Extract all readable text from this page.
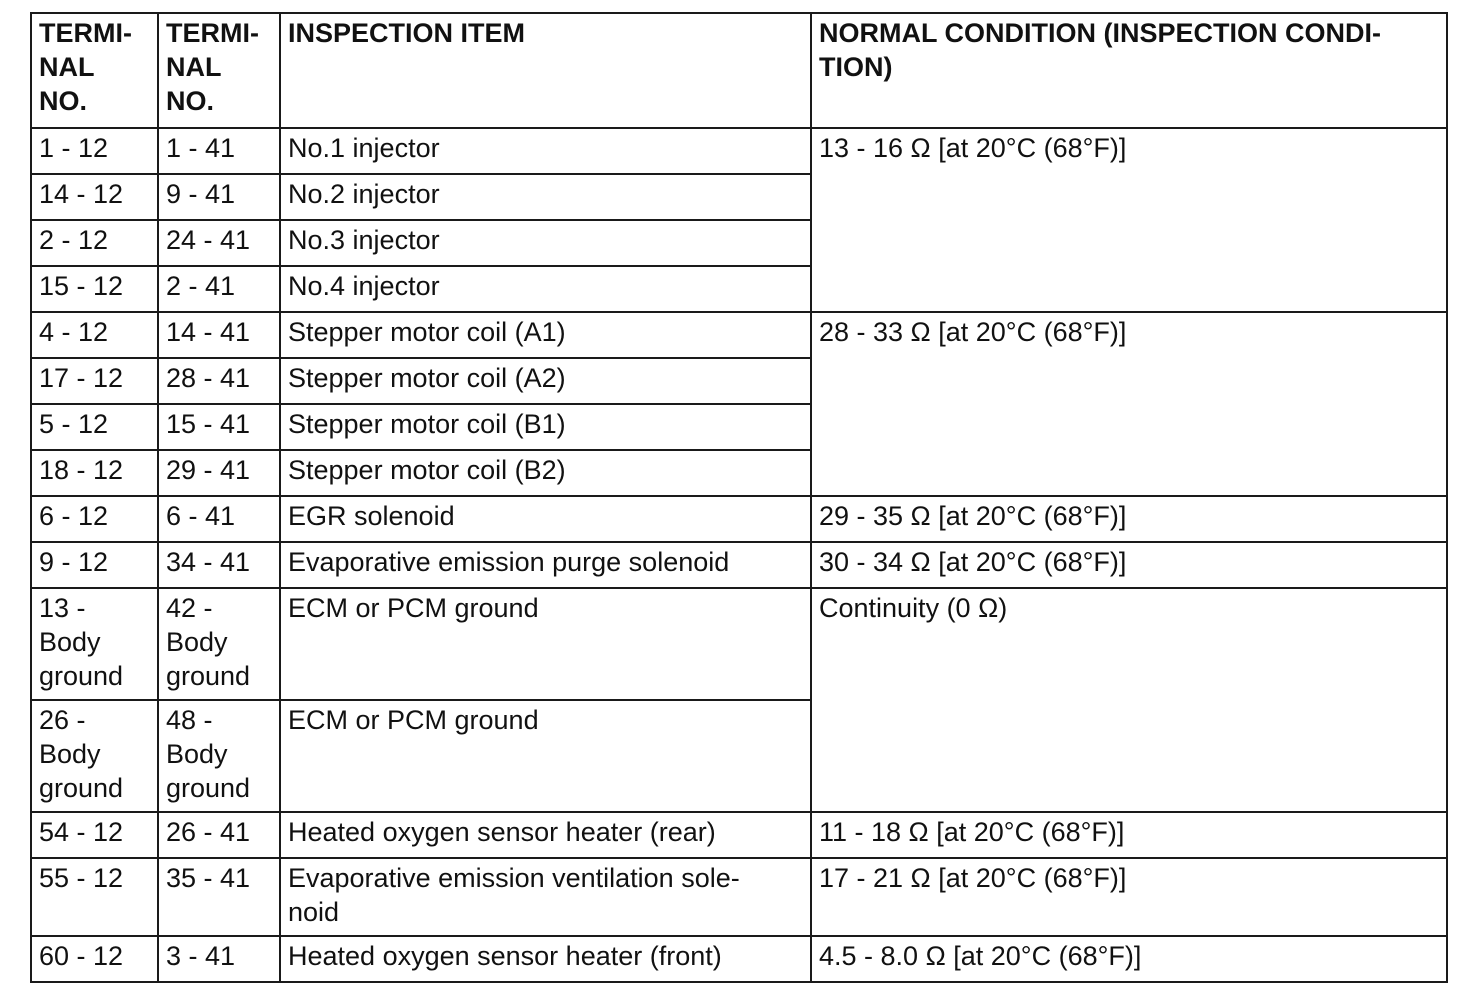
TERMI-
NAL
NO.	TERMI-
NAL
NO.	INSPECTION ITEM	NORMAL CONDITION (INSPECTION CONDI-
TION)
1 - 12	1 - 41	No.1 injector	13 - 16 Ω [at 20°C (68°F)]
14 - 12	9 - 41	No.2 injector	
2 - 12	24 - 41	No.3 injector	
15 - 12	2 - 41	No.4 injector	
4 - 12	14 - 41	Stepper motor coil (A1)	28 - 33 Ω [at 20°C (68°F)]
17 - 12	28 - 41	Stepper motor coil (A2)	
5 - 12	15 - 41	Stepper motor coil (B1)	
18 - 12	29 - 41	Stepper motor coil (B2)	
6 - 12	6 - 41	EGR solenoid	29 - 35 Ω [at 20°C (68°F)]
9 - 12	34 - 41	Evaporative emission purge solenoid	30 - 34 Ω [at 20°C (68°F)]
13 -
Body
ground	42 -
Body
ground	ECM or PCM ground	Continuity (0 Ω)
26 -
Body
ground	48 -
Body
ground	ECM or PCM ground	
54 - 12	26 - 41	Heated oxygen sensor heater (rear)	11 - 18 Ω [at 20°C (68°F)]
55 - 12	35 - 41	Evaporative emission ventilation sole-
noid	17 - 21 Ω [at 20°C (68°F)]
60 - 12	3 - 41	Heated oxygen sensor heater (front)	4.5 - 8.0 Ω [at 20°C (68°F)]
